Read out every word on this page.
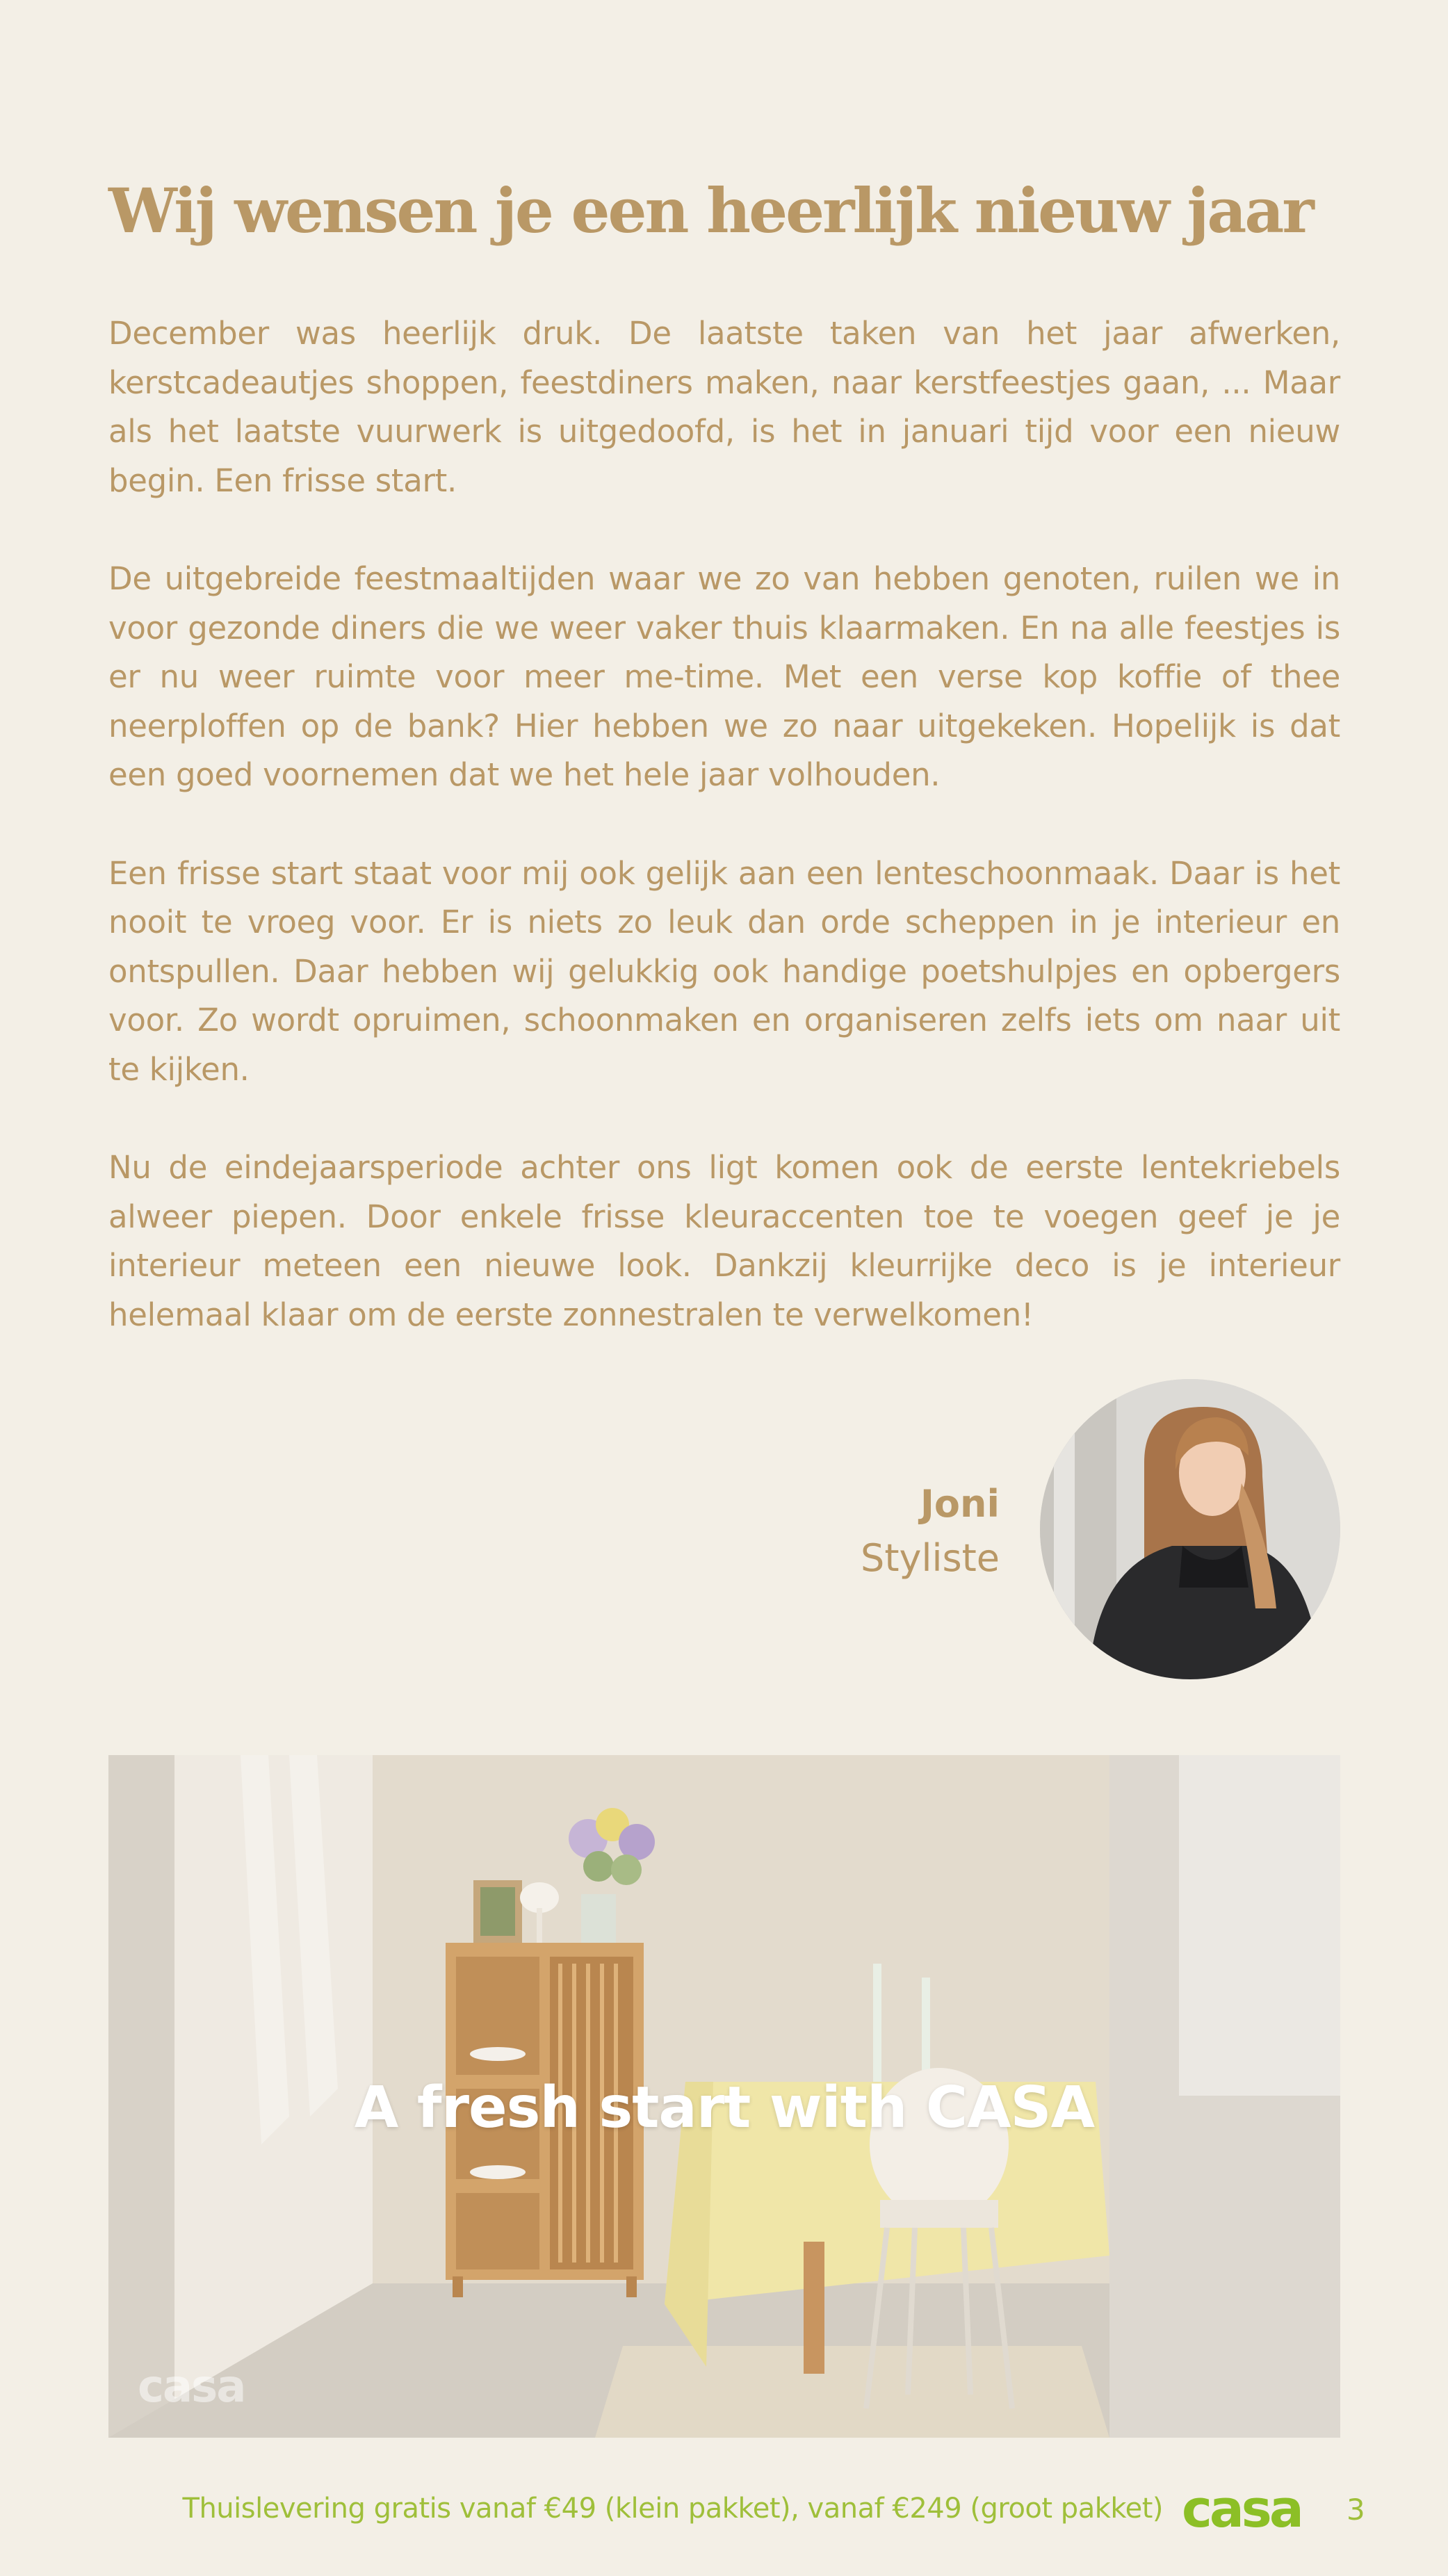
Wij wensen je een heerlijk nieuw jaar

December was heerlijk druk. De laatste taken van het jaar afwerken, kerstcadeautjes shoppen, feestdiners maken, naar kerstfeestjes gaan, ... Maar als het laatste vuurwerk is uitgedoofd, is het in januari tijd voor een nieuw begin. Een frisse start.

De uitgebreide feestmaaltijden waar we zo van hebben genoten, ruilen we in voor gezonde diners die we weer vaker thuis klaarmaken. En na alle feestjes is er nu weer ruimte voor meer me-time. Met een verse kop koffie of thee neerploffen op de bank? Hier hebben we zo naar uitgekeken. Hopelijk is dat een goed voornemen dat we het hele jaar volhouden.

Een frisse start staat voor mij ook gelijk aan een lenteschoonmaak. Daar is het nooit te vroeg voor. Er is niets zo leuk dan orde scheppen in je interieur en ontspullen. Daar hebben wij gelukkig ook handige poetshulpjes en opbergers voor. Zo wordt opruimen, schoonmaken en organiseren zelfs iets om naar uit te kijken.

Nu de eindejaarsperiode achter ons ligt komen ook de eerste lentekriebels alweer piepen. Door enkele frisse kleuraccenten toe te voegen geef je je interieur meteen een nieuwe look. Dankzij kleurrijke deco is je interieur helemaal klaar om de eerste zonnestralen te verwelkomen!

Joni
Styliste
A fresh start with CASA
casa
Thuislevering gratis vanaf €49 (klein pakket), vanaf €249 (groot pakket) casa 3
